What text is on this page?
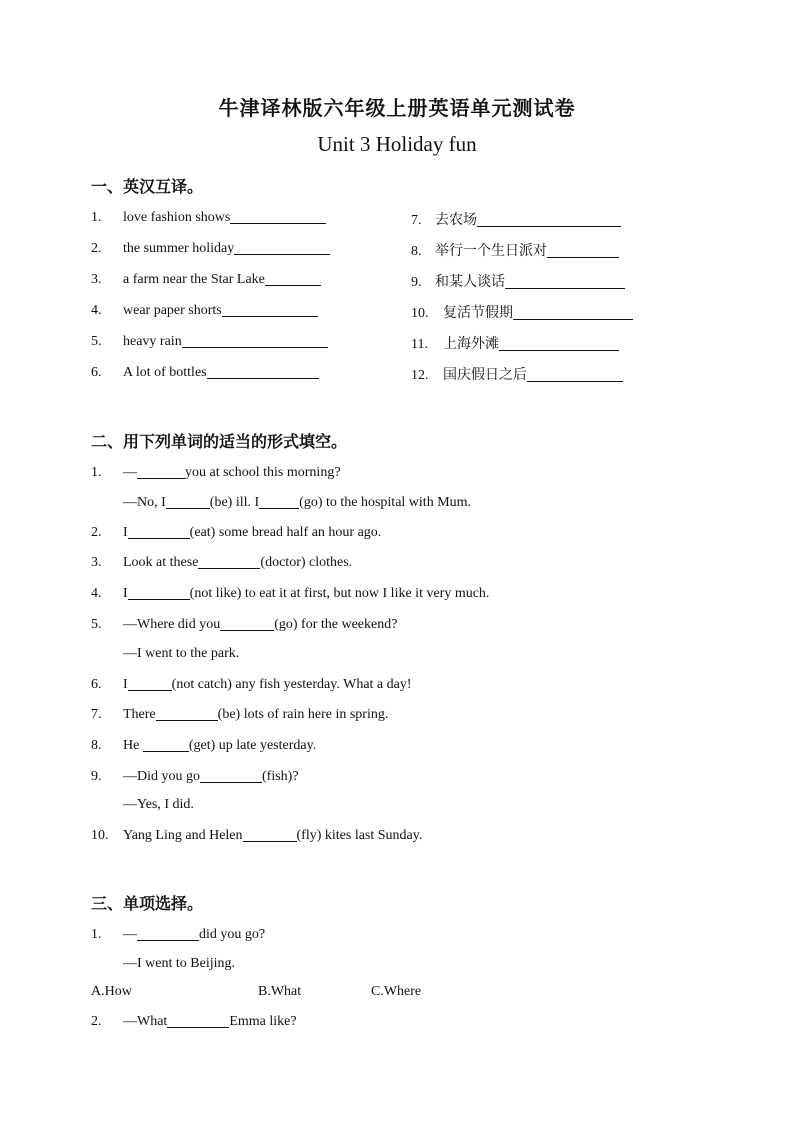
牛津译林版六年级上册英语单元测试卷
Unit 3 Holiday fun
一、英汉互译。
1. love fashion shows
2. the summer holiday
3. a farm near the Star Lake
4. wear paper shorts
5. heavy rain
6. A lot of bottles
7. 去农场
8. 举行一个生日派对
9. 和某人谈话
10. 复活节假期
11. 上海外滩
12. 国庆假日之后
二、用下列单词的适当的形式填空。
1. —	you at school this morning?
—No, I	(be) ill. I	(go) to the hospital with Mum.
2. I	(eat) some bread half an hour ago.
3. Look at these	(doctor) clothes.
4. I	(not like) to eat it at first, but now I like it very much.
5. —Where did you	(go) for the weekend?
—I went to the park.
6. I	(not catch) any fish yesterday. What a day!
7. There	(be) lots of rain here in spring.
8. He	(get) up late yesterday.
9. —Did you go	(fish)?
—Yes, I did.
10. Yang Ling and Helen	(fly) kites last Sunday.
三、单项选择。
1. —	did you go?
—I went to Beijing.
A.How	B.What	C.Where
2. —What	Emma like?
